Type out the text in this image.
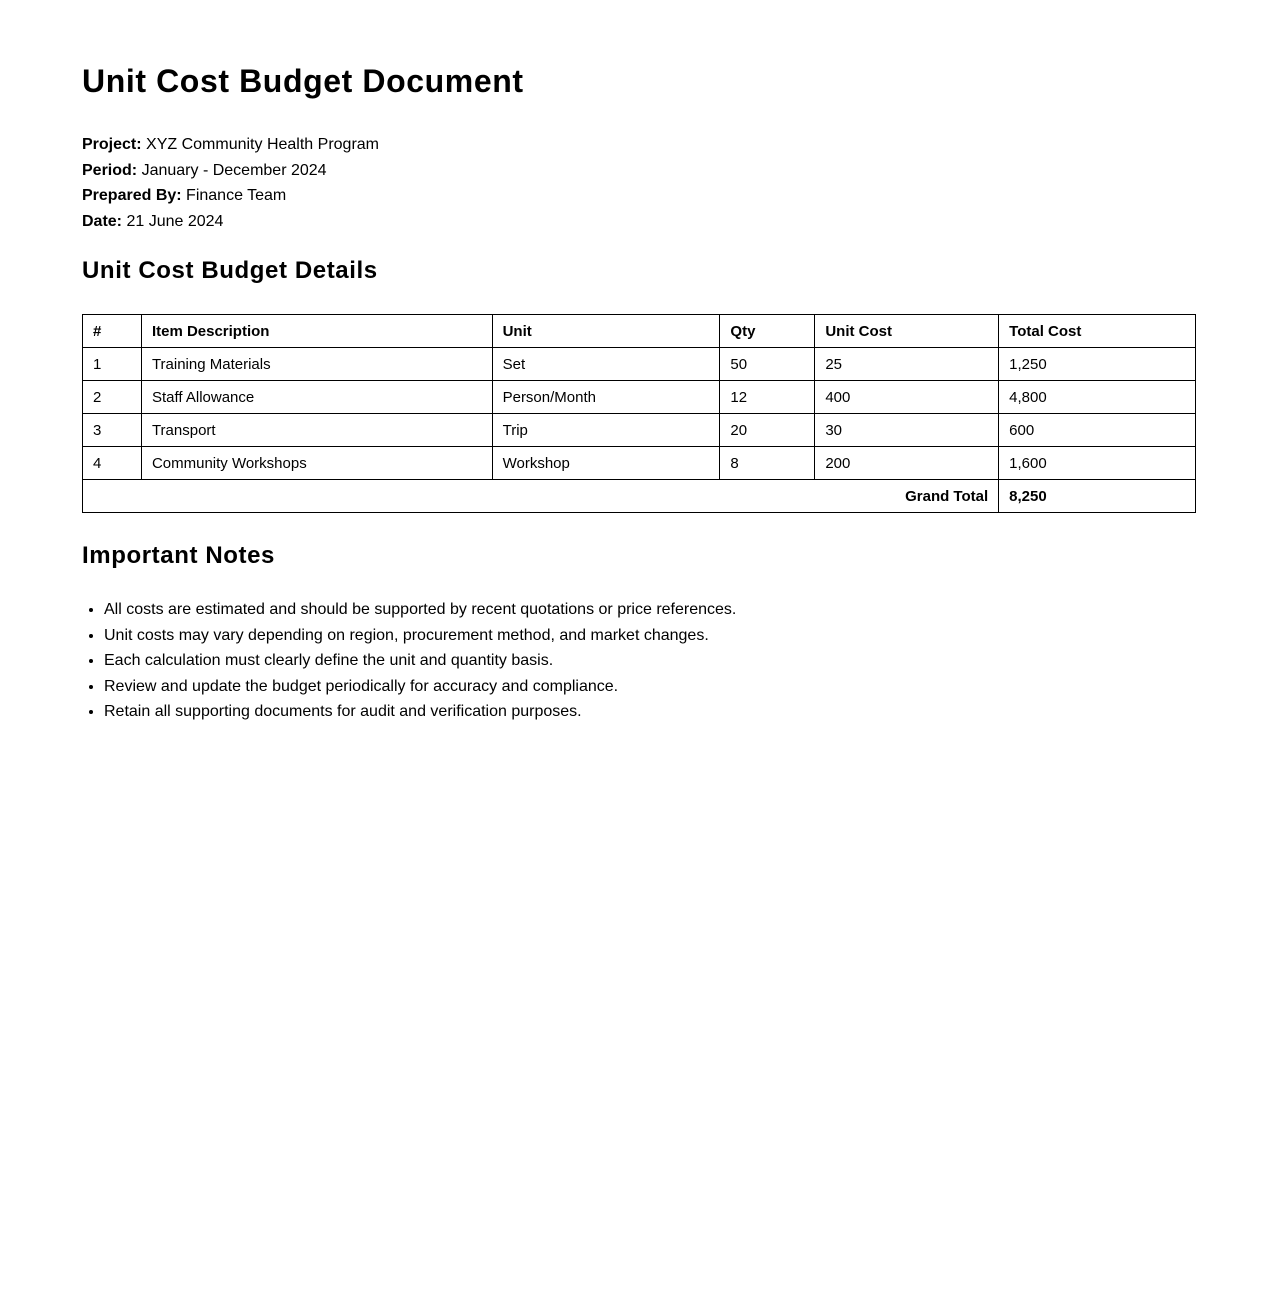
Unit Cost Budget Document
Project: XYZ Community Health Program
Period: January - December 2024
Prepared By: Finance Team
Date: 21 June 2024
Unit Cost Budget Details
#	Item Description	Unit	Qty	Unit Cost	Total Cost
1	Training Materials	Set	50	25	1,250
2	Staff Allowance	Person/Month	12	400	4,800
3	Transport	Trip	20	30	600
4	Community Workshops	Workshop	8	200	1,600
Grand Total					8,250
Important Notes
• All costs are estimated and should be supported by recent quotations or price references.
• Unit costs may vary depending on region, procurement method, and market changes.
• Each calculation must clearly define the unit and quantity basis.
• Review and update the budget periodically for accuracy and compliance.
• Retain all supporting documents for audit and verification purposes.
